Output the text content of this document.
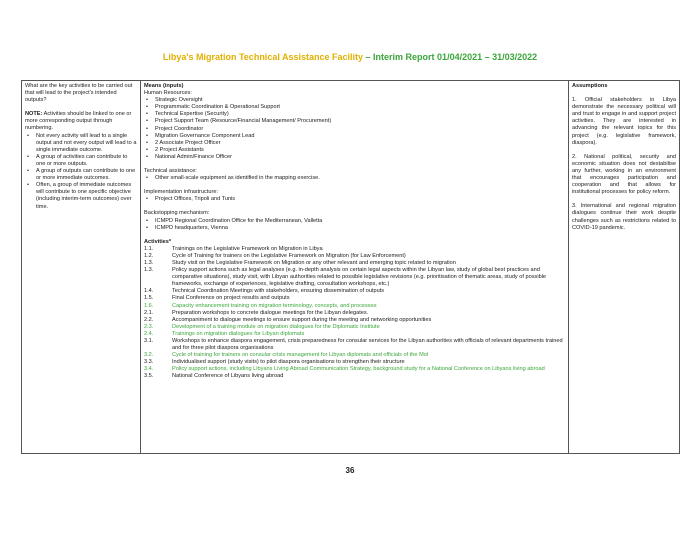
Libya's Migration Technical Assistance Facility – Interim Report 01/04/2021 – 31/03/2022

What are the key activities to be carried out that will lead to the project's intended outputs?

NOTE: Activities should be linked to one or more corresponding output through numbering.

• Not every activity will lead to a single output and not every output will lead to a single immediate outcome.
• A group of activities can contribute to one or more outputs.
• A group of outputs can contribute to one or more immediate outcomes.
• Often, a group of immediate outcomes will contribute to one specific objective (including interim-term outcomes) over time.

Means (inputs)

Human Resources:

• Strategic Oversight
• Programmatic Coordination & Operational Support
• Technical Expertise (Security)
• Project Support Team (Resource/Financial Management/ Procurement)
• Project Coordinator
• Migration Governance Component Lead
• 2 Associate Project Officer
• 2 Project Assistants
• National Admin/Finance Officer

Technical assistance:

• Other small-scale equipment as identified in the mapping exercise.

Implementation infrastructure:

• Project Offices, Tripoli and Tunis

Backstopping mechanism:

• ICMPD Regional Coordination Office for the Mediterranean, Valletta
• ICMPD headquarters, Vienna

Activities*

1.1.	Trainings on the Legislative Framework on Migration in Libya
1.2.	Cycle of Training for trainers on the Legislative Framework on Migration (for Law Enforcement)
1.3.	Study visit on the Legislative Framework on Migration or any other relevant and emerging topic related to migration
1.3.	Policy support actions such as legal analyses (e.g. in-depth analysis on certain legal aspects within the Libyan law, study of global best practices and comparative situations), study visit, with Libyan authorities related to possible legislative revisions (e.g. prioritisation of thematic areas, study of possible frameworks, exchange of experiences, legislative drafting, consultation workshops, etc.)
1.4.	Technical Coordination Meetings with stakeholders, ensuring dissemination of outputs
1.5.	Final Conference on project results and outputs
1.6.	Capacity enhancement training on migration terminology, concepts, and processes
2.1.	Preparation workshops to concrete dialogue meetings for the Libyan delegates.
2.2.	Accompaniment to dialogue meetings to ensure support during the meeting and networking opportunities
2.3.	Development of a training module on migration dialogues for the Diplomatic Institute
2.4.	Trainings on migration dialogues for Libyan diplomats
3.1.	Workshops to enhance diaspora engagement, crisis preparedness for consular services for the Libyan authorities with officials of relevant departments trained and for three pilot diaspora organisations
3.2.	Cycle of training for trainers on consular crisis management for Libyan diplomats and officials of the MoI
3.3.	Individualised support (study visits) to pilot diaspora organisations to strengthen their structure
3.4.	Policy support actions, including Libyans Living Abroad Communication Strategy, background study for a National Conference on Libyans living abroad
3.5.	National Conference of Libyans living abroad

Assumptions

1. Official stakeholders in Libya demonstrate the necessary political will and trust to engage in and support project activities. They are interested in advancing the relevant topics for this project (e.g. legislative framework, diaspora).

2. National political, security and economic situation does not destabilise any further, working in an environment that encourages participation and cooperation and that allows for institutional processes for policy reform.

3. International and regional migration dialogues continue their work despite challenges such as restrictions related to COVID-19 pandemic.

36
